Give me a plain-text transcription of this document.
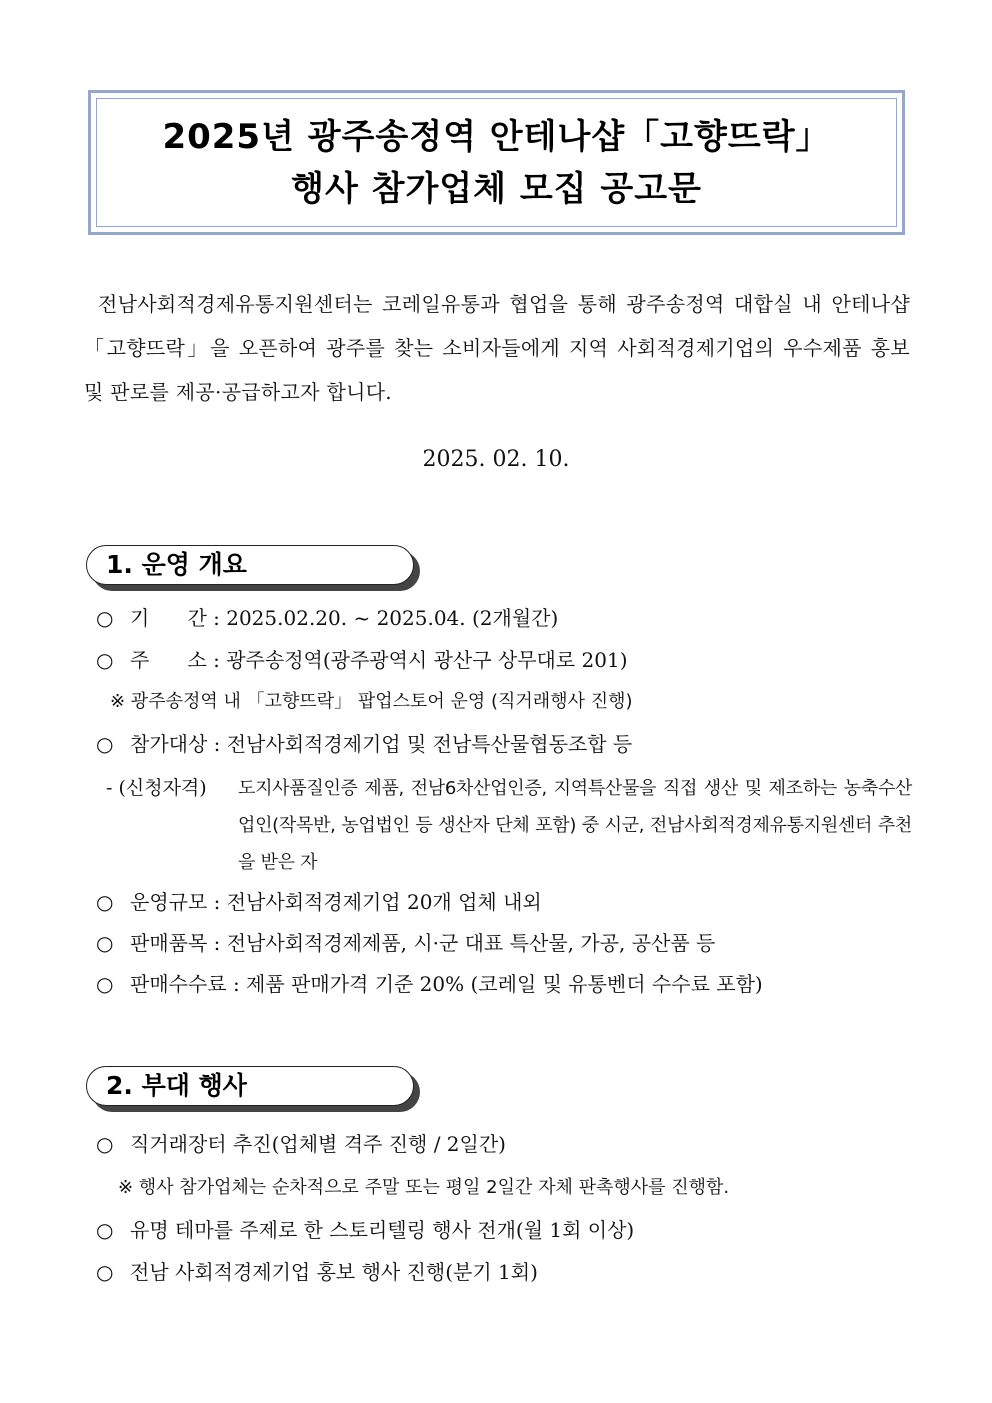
2025년 광주송정역 안테나샵「고향뜨락」
행사 참가업체 모집 공고문
전남사회적경제유통지원센터는 코레일유통과 협업을 통해 광주송정역 대합실 내 안테나샵「고향뜨락」을 오픈하여 광주를 찾는 소비자들에게 지역 사회적경제기업의 우수제품 홍보 및 판로를 제공·공급하고자 합니다.
2025. 02. 10.
1. 운영 개요
○ 기      간 : 2025.02.20. ~ 2025.04. (2개월간)
○ 주      소 : 광주송정역(광주광역시 광산구 상무대로 201)
※ 광주송정역 내 「고향뜨락」 팝업스토어 운영 (직거래행사 진행)
○ 참가대상 : 전남사회적경제기업 및 전남특산물협동조합 등
- (신청자격)	도지사품질인증 제품, 전남6차산업인증, 지역특산물을 직접 생산 및 제조하는 농축수산업인(작목반, 농업법인 등 생산자 단체 포함) 중 시군, 전남사회적경제유통지원센터 추천을 받은 자
○ 운영규모 : 전남사회적경제기업 20개 업체 내외
○ 판매품목 : 전남사회적경제제품, 시·군 대표 특산물, 가공, 공산품 등
○ 판매수수료 : 제품 판매가격 기준 20% (코레일 및 유통벤더 수수료 포함)
2. 부대 행사
○ 직거래장터 추진(업체별 격주 진행 / 2일간)
※ 행사 참가업체는 순차적으로 주말 또는 평일 2일간 자체 판촉행사를 진행함.
○ 유명 테마를 주제로 한 스토리텔링 행사 전개(월 1회 이상)
○ 전남 사회적경제기업 홍보 행사 진행(분기 1회)
